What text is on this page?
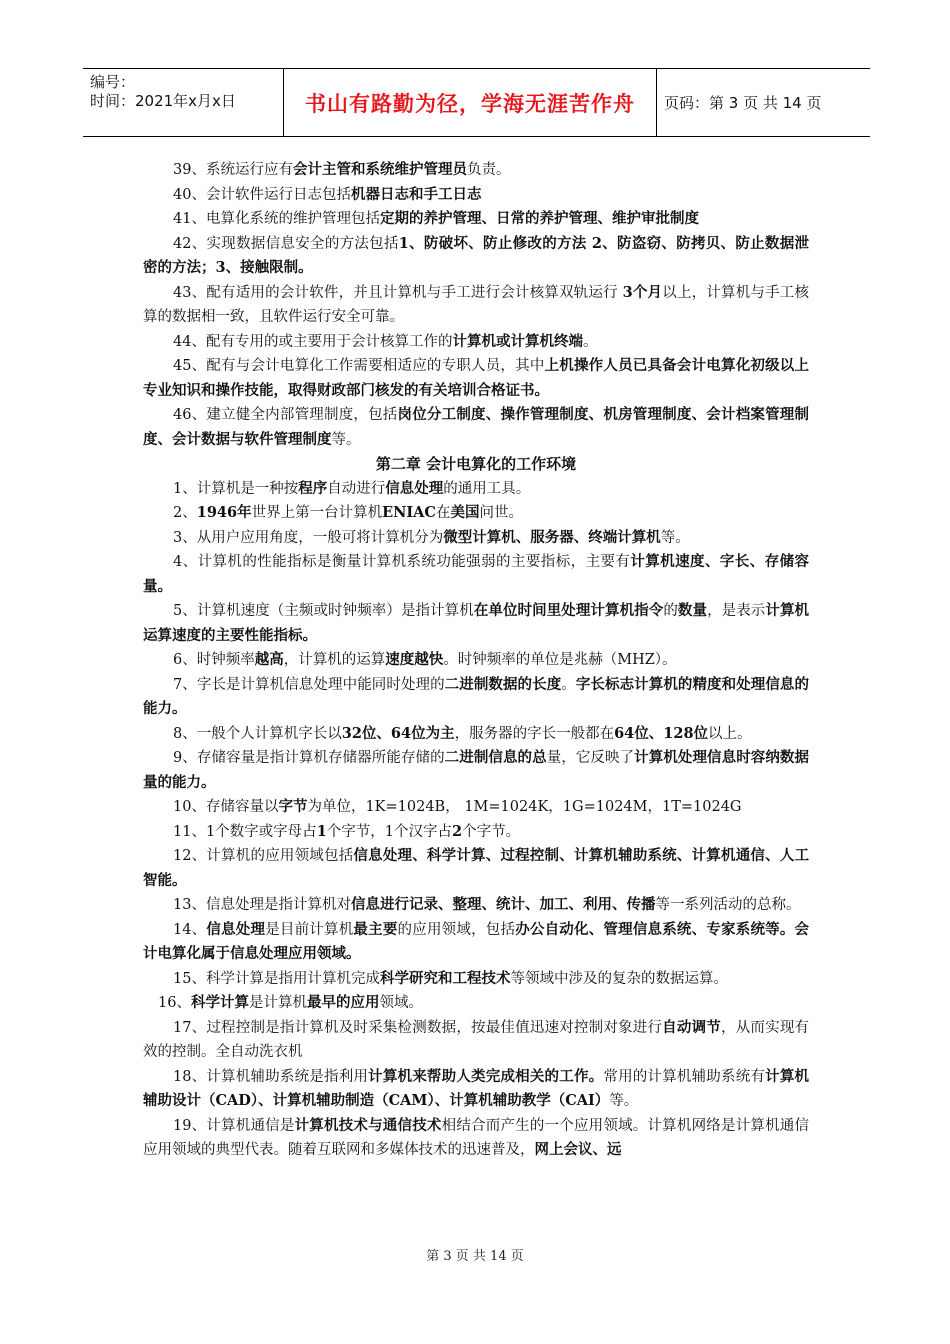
编号：
时间：2021年x月x日	书山有路勤为径，学海无涯苦作舟	页码：第 3 页 共 14 页

39、系统运行应有会计主管和系统维护管理员负责。

40、会计软件运行日志包括机器日志和手工日志

41、电算化系统的维护管理包括定期的养护管理、日常的养护管理、维护审批制度

42、实现数据信息安全的方法包括1、防破坏、防止修改的方法 2、防盗窃、防拷贝、防止数据泄密的方法；3、接触限制。

43、配有适用的会计软件，并且计算机与手工进行会计核算双轨运行 3个月以上，计算机与手工核算的数据相一致，且软件运行安全可靠。

44、配有专用的或主要用于会计核算工作的计算机或计算机终端。

45、配有与会计电算化工作需要相适应的专职人员，其中上机操作人员已具备会计电算化初级以上专业知识和操作技能，取得财政部门核发的有关培训合格证书。

46、建立健全内部管理制度，包括岗位分工制度、操作管理制度、机房管理制度、会计档案管理制度、会计数据与软件管理制度等。

第二章 会计电算化的工作环境

1、计算机是一种按程序自动进行信息处理的通用工具。

2、1946年世界上第一台计算机ENIAC在美国问世。

3、从用户应用角度，一般可将计算机分为微型计算机、服务器、终端计算机等。

4、计算机的性能指标是衡量计算机系统功能强弱的主要指标，主要有计算机速度、字长、存储容量。

5、计算机速度（主频或时钟频率）是指计算机在单位时间里处理计算机指令的数量，是表示计算机运算速度的主要性能指标。

6、时钟频率越高，计算机的运算速度越快。时钟频率的单位是兆赫（MHZ）。

7、字长是计算机信息处理中能同时处理的二进制数据的长度。字长标志计算机的精度和处理信息的能力。

8、一般个人计算机字长以32位、64位为主，服务器的字长一般都在64位、128位以上。

9、存储容量是指计算机存储器所能存储的二进制信息的总量，它反映了计算机处理信息时容纳数据量的能力。

10、存储容量以字节为单位，1K=1024B， 1M=1024K，1G=1024M，1T=1024G

11、1个数字或字母占1个字节，1个汉字占2个字节。

12、计算机的应用领域包括信息处理、科学计算、过程控制、计算机辅助系统、计算机通信、人工智能。

13、信息处理是指计算机对信息进行记录、整理、统计、加工、利用、传播等一系列活动的总称。

14、信息处理是目前计算机最主要的应用领域，包括办公自动化、管理信息系统、专家系统等。会计电算化属于信息处理应用领域。

15、科学计算是指用计算机完成科学研究和工程技术等领域中涉及的复杂的数据运算。

16、科学计算是计算机最早的应用领域。

17、过程控制是指计算机及时采集检测数据，按最佳值迅速对控制对象进行自动调节，从而实现有效的控制。全自动洗衣机

18、计算机辅助系统是指利用计算机来帮助人类完成相关的工作。常用的计算机辅助系统有计算机辅助设计（CAD）、计算机辅助制造（CAM）、计算机辅助教学（CAI）等。

19、计算机通信是计算机技术与通信技术相结合而产生的一个应用领域。计算机网络是计算机通信应用领域的典型代表。随着互联网和多媒体技术的迅速普及，网上会议、远

第 3 页 共 14 页
